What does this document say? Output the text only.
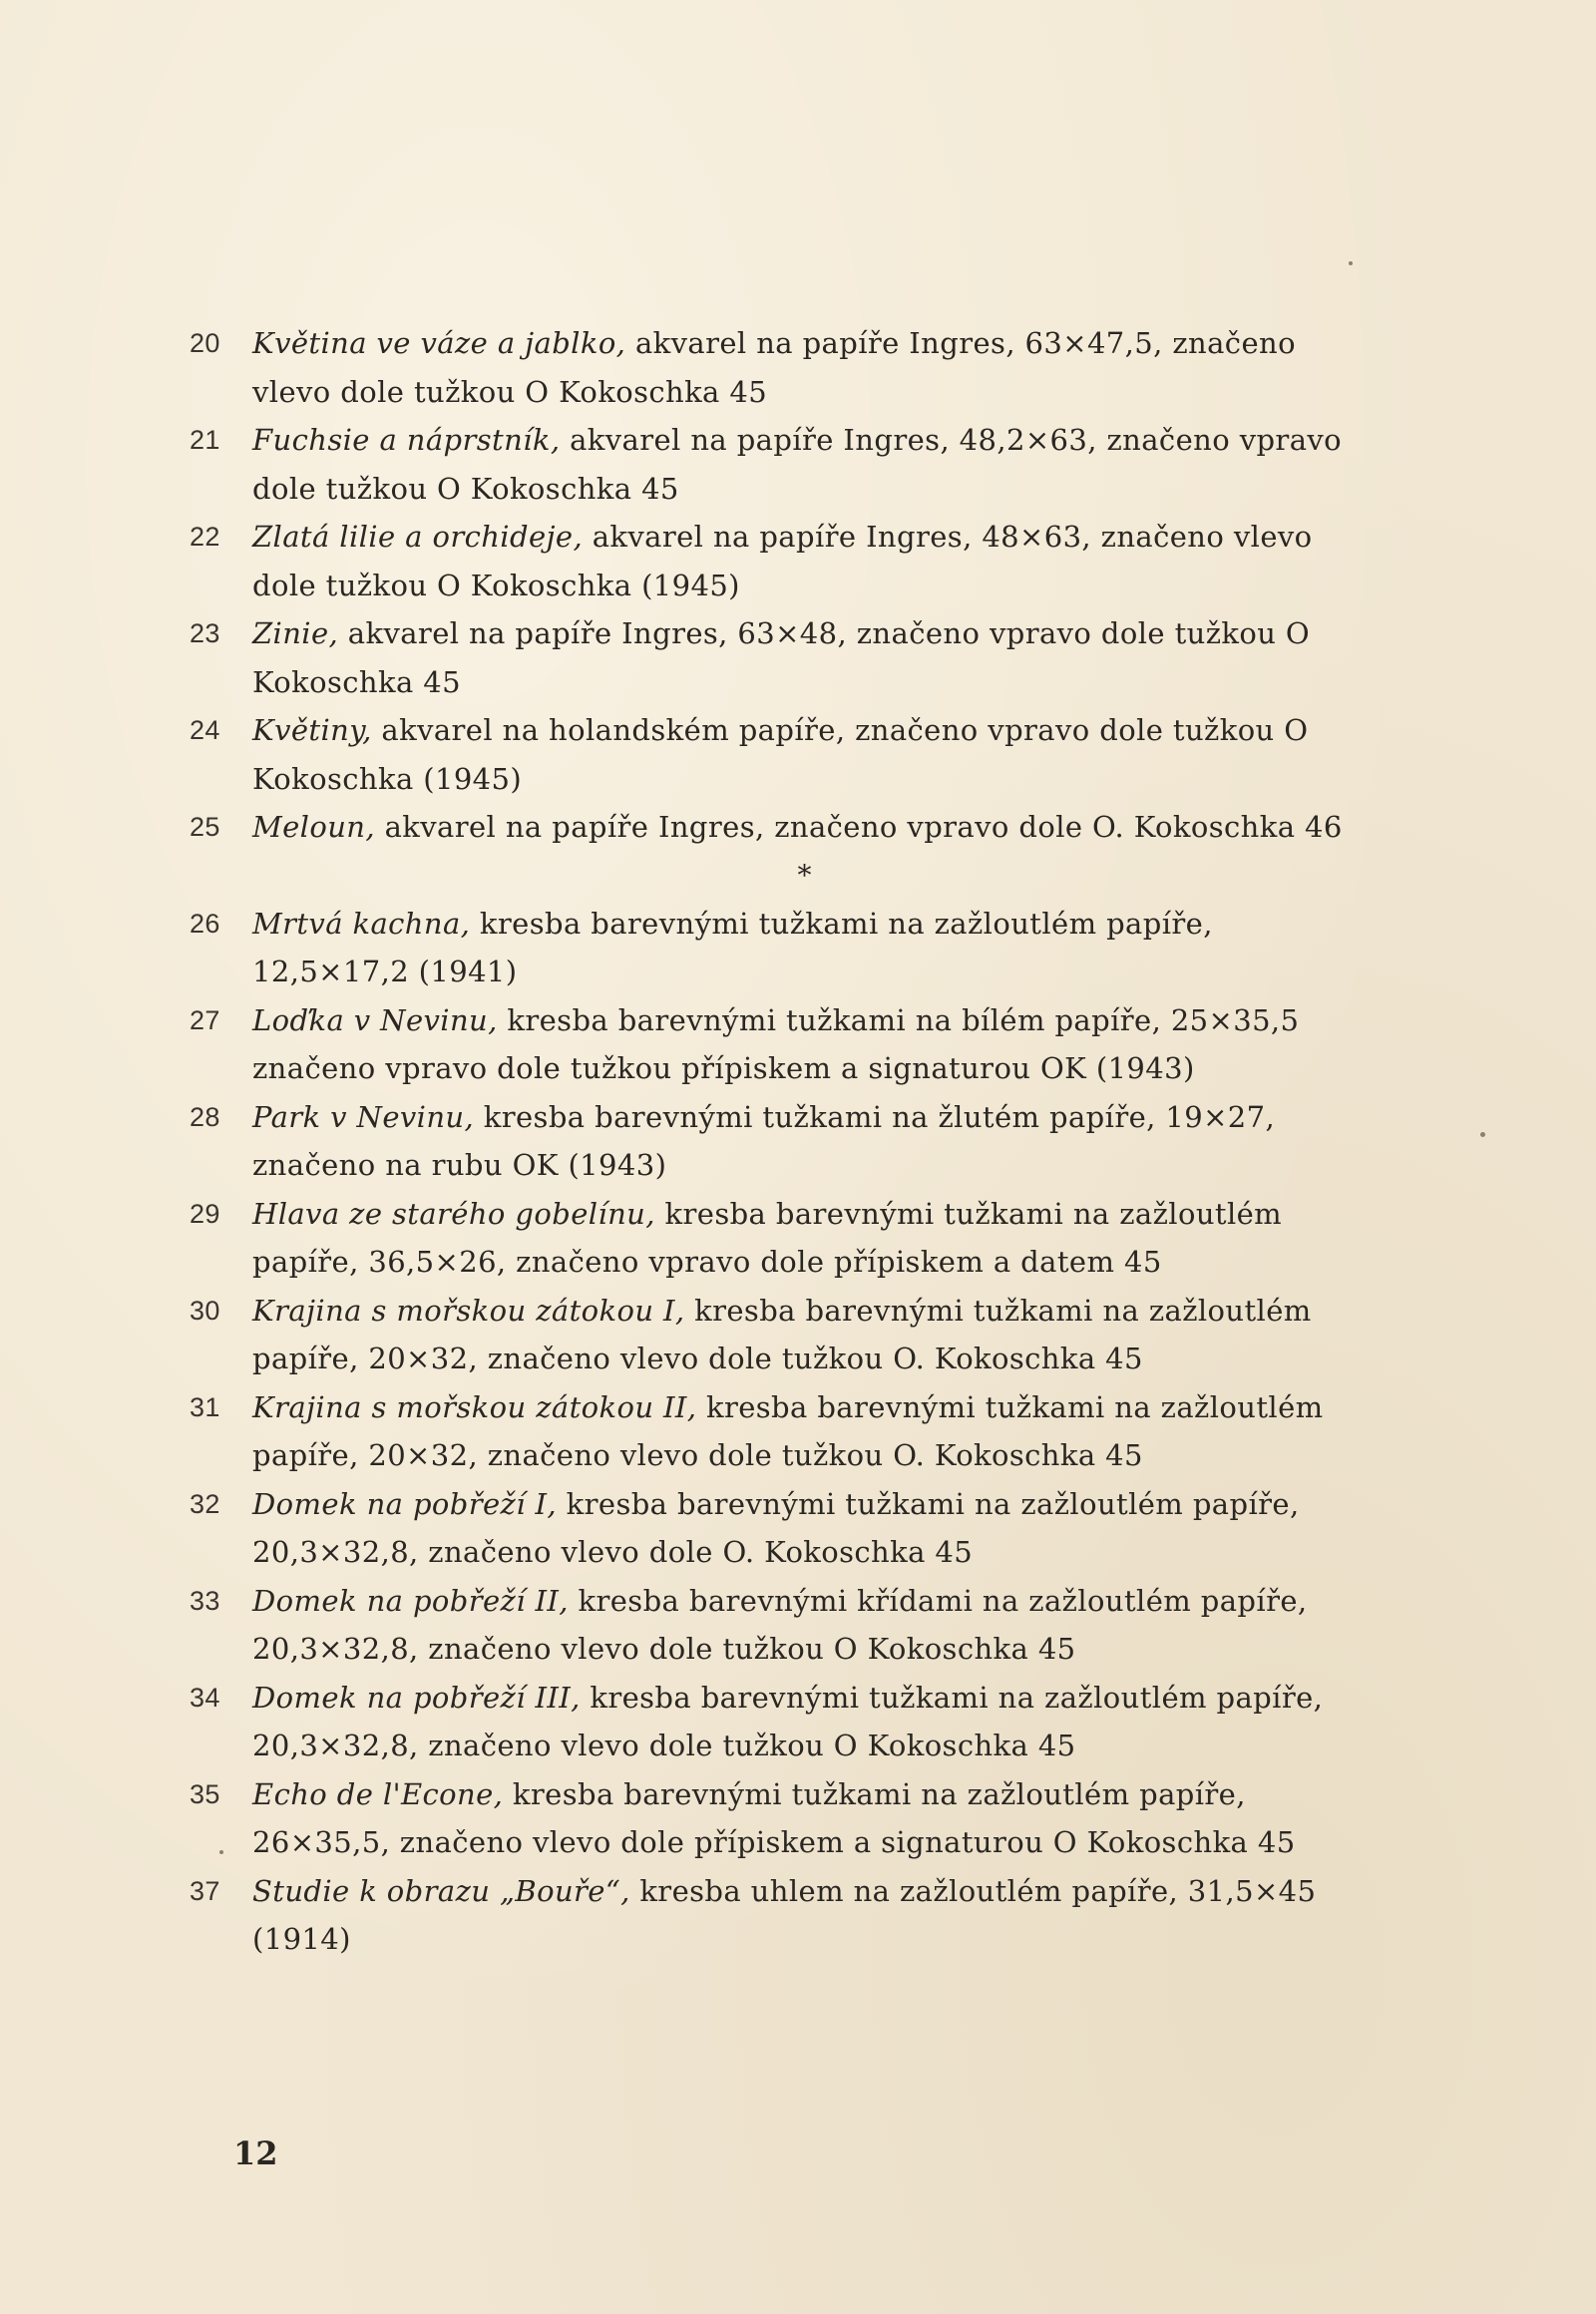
20	Květina ve váze a jablko, akvarel na papíře Ingres, 63×47,5, značeno vlevo dole tužkou O Kokoschka 45
21	Fuchsie a náprstník, akvarel na papíře Ingres, 48,2×63, značeno vpravo dole tužkou O Kokoschka 45
22	Zlatá lilie a orchideje, akvarel na papíře Ingres, 48×63, značeno vlevo dole tužkou O Kokoschka (1945)
23	Zinie, akvarel na papíře Ingres, 63×48, značeno vpravo dole tužkou O Kokoschka 45
24	Květiny, akvarel na holandském papíře, značeno vpravo dole tužkou O Kokoschka (1945)
25	Meloun, akvarel na papíře Ingres, značeno vpravo dole O. Kokoschka 46
*
26	Mrtvá kachna, kresba barevnými tužkami na zažloutlém papíře, 12,5×17,2 (1941)
27	Loďka v Nevinu, kresba barevnými tužkami na bílém papíře, 25×35,5 značeno vpravo dole tužkou přípiskem a signaturou OK (1943)
28	Park v Nevinu, kresba barevnými tužkami na žlutém papíře, 19×27, značeno na rubu OK (1943)
29	Hlava ze starého gobelínu, kresba barevnými tužkami na zažloutlém papíře, 36,5×26, značeno vpravo dole přípiskem a datem 45
30	Krajina s mořskou zátokou I, kresba barevnými tužkami na zažloutlém papíře, 20×32, značeno vlevo dole tužkou O. Kokoschka 45
31	Krajina s mořskou zátokou II, kresba barevnými tužkami na zažloutlém papíře, 20×32, značeno vlevo dole tužkou O. Kokoschka 45
32	Domek na pobřeží I, kresba barevnými tužkami na zažloutlém papíře, 20,3×32,8, značeno vlevo dole O. Kokoschka 45
33	Domek na pobřeží II, kresba barevnými křídami na zažloutlém papíře, 20,3×32,8, značeno vlevo dole tužkou O Kokoschka 45
34	Domek na pobřeží III, kresba barevnými tužkami na zažloutlém papíře, 20,3×32,8, značeno vlevo dole tužkou O Kokoschka 45
35	Echo de l'Econe, kresba barevnými tužkami na zažloutlém papíře, 26×35,5, značeno vlevo dole přípiskem a signaturou O Kokoschka 45
37	Studie k obrazu „Bouře“, kresba uhlem na zažloutlém papíře, 31,5×45 (1914)
12
